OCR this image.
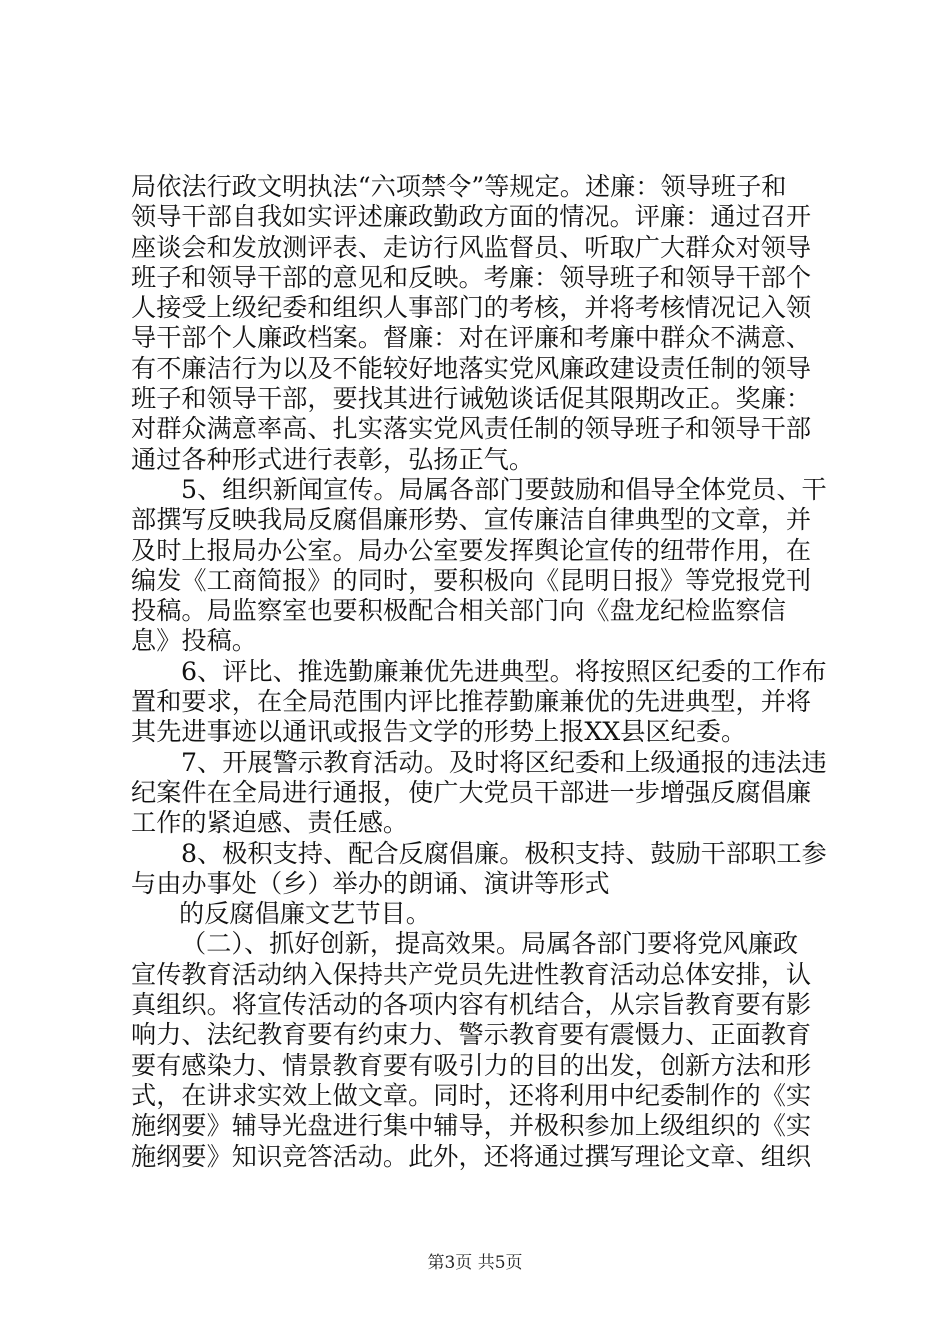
局依法行政文明执法“六项禁令”等规定。述廉：领导班子和
领导干部自我如实评述廉政勤政方面的情况。评廉：通过召开
座谈会和发放测评表、走访行风监督员、听取广大群众对领导
班子和领导干部的意见和反映。考廉：领导班子和领导干部个
人接受上级纪委和组织人事部门的考核，并将考核情况记入领
导干部个人廉政档案。督廉：对在评廉和考廉中群众不满意、
有不廉洁行为以及不能较好地落实党风廉政建设责任制的领导
班子和领导干部，要找其进行诫勉谈话促其限期改正。奖廉：
对群众满意率高、扎实落实党风责任制的领导班子和领导干部
通过各种形式进行表彰，弘扬正气。
5、组织新闻宣传。局属各部门要鼓励和倡导全体党员、干
部撰写反映我局反腐倡廉形势、宣传廉洁自律典型的文章，并
及时上报局办公室。局办公室要发挥舆论宣传的纽带作用，在
编发《工商简报》的同时，要积极向《昆明日报》等党报党刊
投稿。局监察室也要积极配合相关部门向《盘龙纪检监察信
息》投稿。
6、评比、推选勤廉兼优先进典型。将按照区纪委的工作布
置和要求，在全局范围内评比推荐勤廉兼优的先进典型，并将
其先进事迹以通讯或报告文学的形势上报XX县区纪委。
7、开展警示教育活动。及时将区纪委和上级通报的违法违
纪案件在全局进行通报，使广大党员干部进一步增强反腐倡廉
工作的紧迫感、责任感。
8、极积支持、配合反腐倡廉。极积支持、鼓励干部职工参
与由办事处（乡）举办的朗诵、演讲等形式
的反腐倡廉文艺节目。
（二）、抓好创新，提高效果。局属各部门要将党风廉政
宣传教育活动纳入保持共产党员先进性教育活动总体安排，认
真组织。将宣传活动的各项内容有机结合，从宗旨教育要有影
响力、法纪教育要有约束力、警示教育要有震慑力、正面教育
要有感染力、情景教育要有吸引力的目的出发，创新方法和形
式，在讲求实效上做文章。同时，还将利用中纪委制作的《实
施纲要》辅导光盘进行集中辅导，并极积参加上级组织的《实
施纲要》知识竞答活动。此外，还将通过撰写理论文章、组织
第3页 共5页
